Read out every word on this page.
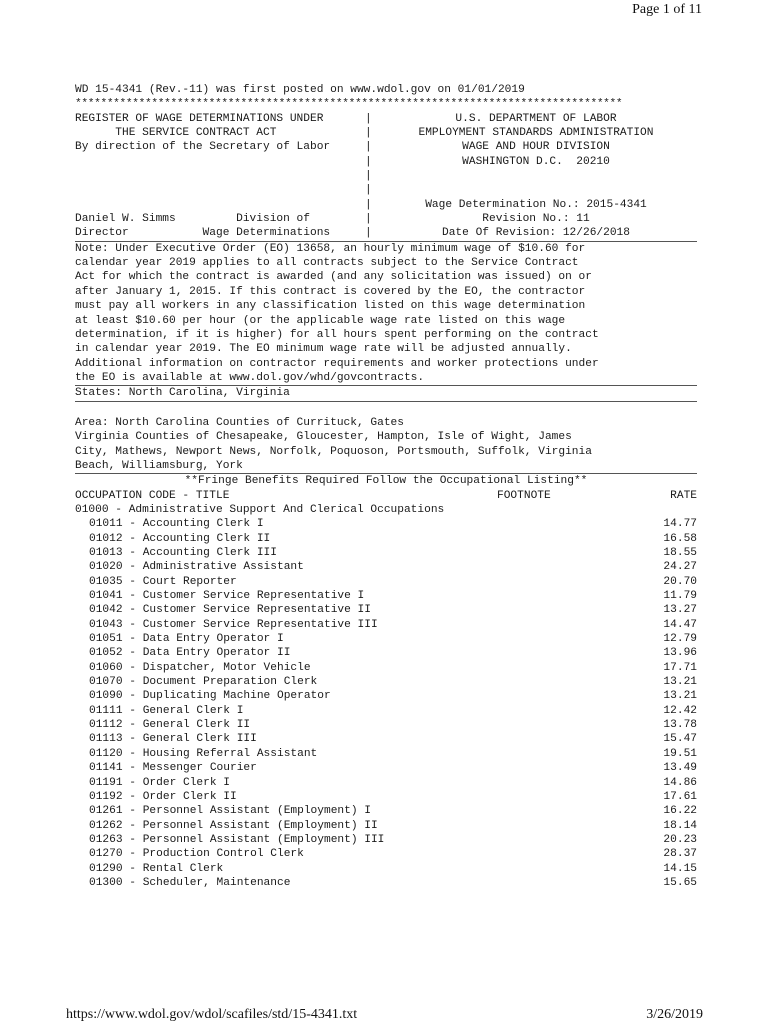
Page 1 of 11
WD 15-4341 (Rev.-11) was first posted on www.wdol.gov on 01/01/2019
**************************************************************************************
REGISTER OF WAGE DETERMINATIONS UNDER	|	U.S. DEPARTMENT OF LABOR
THE SERVICE CONTRACT ACT	|	EMPLOYMENT STANDARDS ADMINISTRATION
By direction of the Secretary of Labor	|	WAGE AND HOUR DIVISION
|	WASHINGTON D.C.  20210
|
|
|	Wage Determination No.: 2015-4341
Daniel W. Simms         Division of	|	Revision No.: 11
Director           Wage Determinations	|	Date Of Revision: 12/26/2018
Note: Under Executive Order (EO) 13658, an hourly minimum wage of $10.60 for
calendar year 2019 applies to all contracts subject to the Service Contract
Act for which the contract is awarded (and any solicitation was issued) on or
after January 1, 2015. If this contract is covered by the EO, the contractor
must pay all workers in any classification listed on this wage determination
at least $10.60 per hour (or the applicable wage rate listed on this wage
determination, if it is higher) for all hours spent performing on the contract
in calendar year 2019. The EO minimum wage rate will be adjusted annually.
Additional information on contractor requirements and worker protections under
the EO is available at www.dol.gov/whd/govcontracts.
States: North Carolina, Virginia
Area: North Carolina Counties of Currituck, Gates
Virginia Counties of Chesapeake, Gloucester, Hampton, Isle of Wight, James
City, Mathews, Newport News, Norfolk, Poquoson, Portsmouth, Suffolk, Virginia
Beach, Williamsburg, York
**Fringe Benefits Required Follow the Occupational Listing**
OCCUPATION CODE - TITLE	FOOTNOTE	RATE
01000 - Administrative Support And Clerical Occupations
01011 - Accounting Clerk I	14.77
01012 - Accounting Clerk II	16.58
01013 - Accounting Clerk III	18.55
01020 - Administrative Assistant	24.27
01035 - Court Reporter	20.70
01041 - Customer Service Representative I	11.79
01042 - Customer Service Representative II	13.27
01043 - Customer Service Representative III	14.47
01051 - Data Entry Operator I	12.79
01052 - Data Entry Operator II	13.96
01060 - Dispatcher, Motor Vehicle	17.71
01070 - Document Preparation Clerk	13.21
01090 - Duplicating Machine Operator	13.21
01111 - General Clerk I	12.42
01112 - General Clerk II	13.78
01113 - General Clerk III	15.47
01120 - Housing Referral Assistant	19.51
01141 - Messenger Courier	13.49
01191 - Order Clerk I	14.86
01192 - Order Clerk II	17.61
01261 - Personnel Assistant (Employment) I	16.22
01262 - Personnel Assistant (Employment) II	18.14
01263 - Personnel Assistant (Employment) III	20.23
01270 - Production Control Clerk	28.37
01290 - Rental Clerk	14.15
01300 - Scheduler, Maintenance	15.65
https://www.wdol.gov/wdol/scafiles/std/15-4341.txt	3/26/2019
